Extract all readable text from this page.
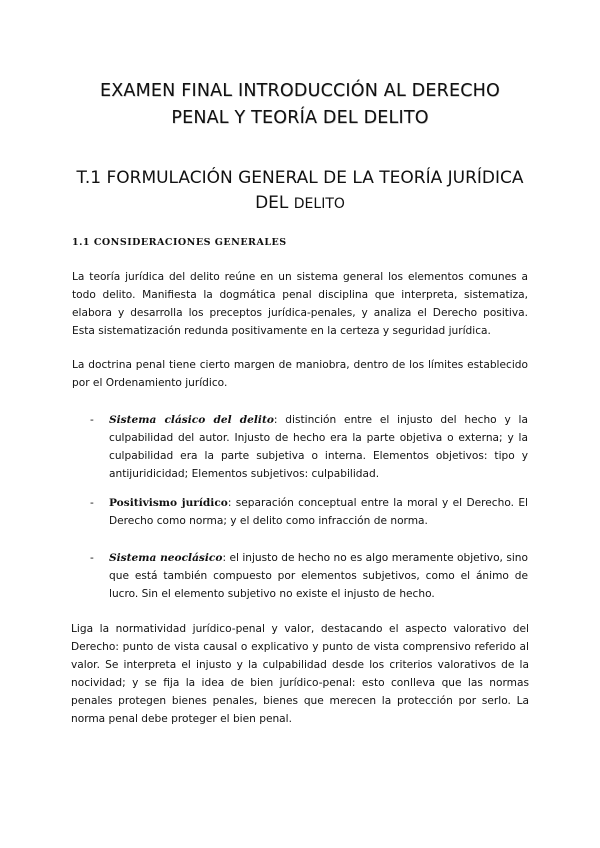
EXAMEN FINAL INTRODUCCIÓN AL DERECHO
PENAL Y TEORÍA DEL DELITO
T.1 FORMULACIÓN GENERAL DE LA TEORÍA JURÍDICA
DEL DELITO
1.1 CONSIDERACIONES GENERALES

La teoría jurídica del delito reúne en un sistema general los elementos comunes a todo delito. Manifiesta la dogmática penal disciplina que interpreta, sistematiza, elabora y desarrolla los preceptos jurídica-penales, y analiza el Derecho positiva. Esta sistematización redunda positivamente en la certeza y seguridad jurídica.

La doctrina penal tiene cierto margen de maniobra, dentro de los límites establecido por el Ordenamiento jurídico.

- Sistema clásico del delito: distinción entre el injusto del hecho y la culpabilidad del autor. Injusto de hecho era la parte objetiva o externa; y la culpabilidad era la parte subjetiva o interna. Elementos objetivos: tipo y antijuridicidad; Elementos subjetivos: culpabilidad.
- Positivismo jurídico: separación conceptual entre la moral y el Derecho. El Derecho como norma; y el delito como infracción de norma.
- Sistema neoclásico: el injusto de hecho no es algo meramente objetivo, sino que está también compuesto por elementos subjetivos, como el ánimo de lucro. Sin el elemento subjetivo no existe el injusto de hecho.

Liga la normatividad jurídico-penal y valor, destacando el aspecto valorativo del Derecho: punto de vista causal o explicativo y punto de vista comprensivo referido al valor. Se interpreta el injusto y la culpabilidad desde los criterios valorativos de la nocividad; y se fija la idea de bien jurídico-penal: esto conlleva que las normas penales protegen bienes penales, bienes que merecen la protección por serlo. La norma penal debe proteger el bien penal.
